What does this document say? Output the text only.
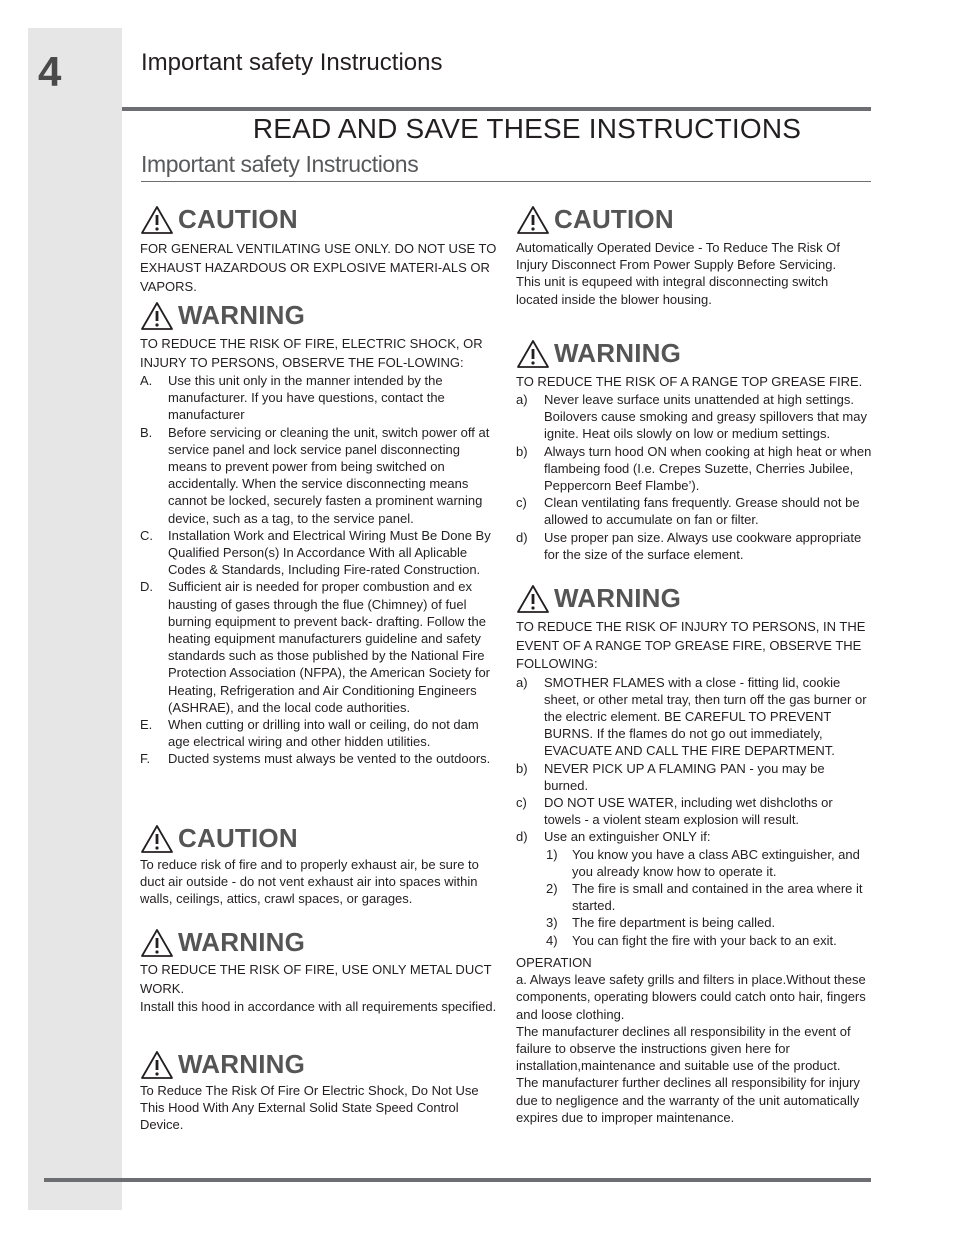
4	Important safety Instructions
READ AND SAVE THESE INSTRUCTIONS
Important safety Instructions
CAUTION

FOR GENERAL VENTILATING USE ONLY. DO NOT USE TO EXHAUST HAZARDOUS OR EXPLOSIVE MATERI-ALS OR VAPORS.

WARNING

TO REDUCE THE RISK OF FIRE, ELECTRIC SHOCK, OR INJURY TO PERSONS, OBSERVE THE FOL-LOWING:

A.	Use this unit only in the manner intended by the manufacturer. If you have questions, contact the manufacturer
B.	Before servicing or cleaning the unit, switch power off at service panel and lock service panel disconnecting means to prevent power from being switched on accidentally. When the service disconnecting means cannot be locked, securely fasten a prominent warning device, such as a tag, to the service panel.
C.	Installation Work and Electrical Wiring Must Be Done By Qualified Person(s) In Accordance With all Aplicable Codes & Standards, Including Fire-rated Construction.
D.	Sufficient air is needed for proper combustion and ex hausting of gases through the flue (Chimney) of fuel burning equipment to prevent back- drafting. Follow the heating equipment manufacturers guideline and safety standards such as those published by the National Fire Protection Association (NFPA), the American Society for Heating, Refrigeration and Air Conditioning Engineers (ASHRAE), and the local code authorities.
E.	When cutting or drilling into wall or ceiling, do not dam age electrical wiring and other hidden utilities.
F.	Ducted systems must always be vented to the outdoors.
CAUTION

To reduce risk of fire and to properly exhaust air, be sure to duct air outside - do not vent exhaust air into spaces within walls, ceilings, attics, crawl spaces, or garages.

WARNING

TO REDUCE THE RISK OF FIRE, USE ONLY METAL DUCT WORK.

Install this hood in accordance with all requirements specified.

WARNING

To Reduce The Risk Of Fire Or Electric Shock, Do Not Use This Hood With Any External Solid State Speed Control Device.

CAUTION

Automatically Operated Device - To Reduce The Risk Of Injury Disconnect From Power Supply Before Servicing.

This unit is equpeed with integral disconnecting switch located inside the blower housing.

WARNING

TO REDUCE THE RISK OF A RANGE TOP GREASE FIRE.

a)	Never leave surface units unattended at high settings. Boilovers cause smoking and greasy spillovers that may ignite. Heat oils slowly on low or medium settings.
b)	Always turn hood ON when cooking at high heat or when flambeing food (I.e. Crepes Suzette, Cherries Jubilee, Peppercorn Beef Flambe’).
c)	Clean ventilating fans frequently. Grease should not be allowed to accumulate on fan or filter.
d)	Use proper pan size. Always use cookware appropriate for the size of the surface element.
WARNING

TO REDUCE THE RISK OF INJURY TO PERSONS, IN THE EVENT OF A RANGE TOP GREASE FIRE, OBSERVE THE FOLLOWING:

a)	SMOTHER FLAMES with a close - fitting lid, cookie sheet, or other metal tray, then turn off the gas burner or the electric element. BE CAREFUL TO PREVENT BURNS. If the flames do not go out immediately, EVACUATE AND CALL THE FIRE DEPARTMENT.
b)	NEVER PICK UP A FLAMING PAN - you may be burned.
c)	DO NOT USE WATER, including wet dishcloths or towels - a violent steam explosion will result.
d)	Use an extinguisher ONLY if:
1)	You know you have a class ABC extinguisher, and you already know how to operate it.
2)	The fire is small and contained in the area where it started.
3)	The fire department is being called.
4)	You can fight the fire with your back to an exit.

OPERATION

a. Always leave safety grills and filters in place.Without these components, operating blowers could catch onto hair, fingers and loose clothing.

The manufacturer declines all responsibility in the event of failure to observe the instructions given here for installation,maintenance and suitable use of the product.

The manufacturer further declines all responsibility for injury due to negligence and the warranty of the unit automatically expires due to improper maintenance.
